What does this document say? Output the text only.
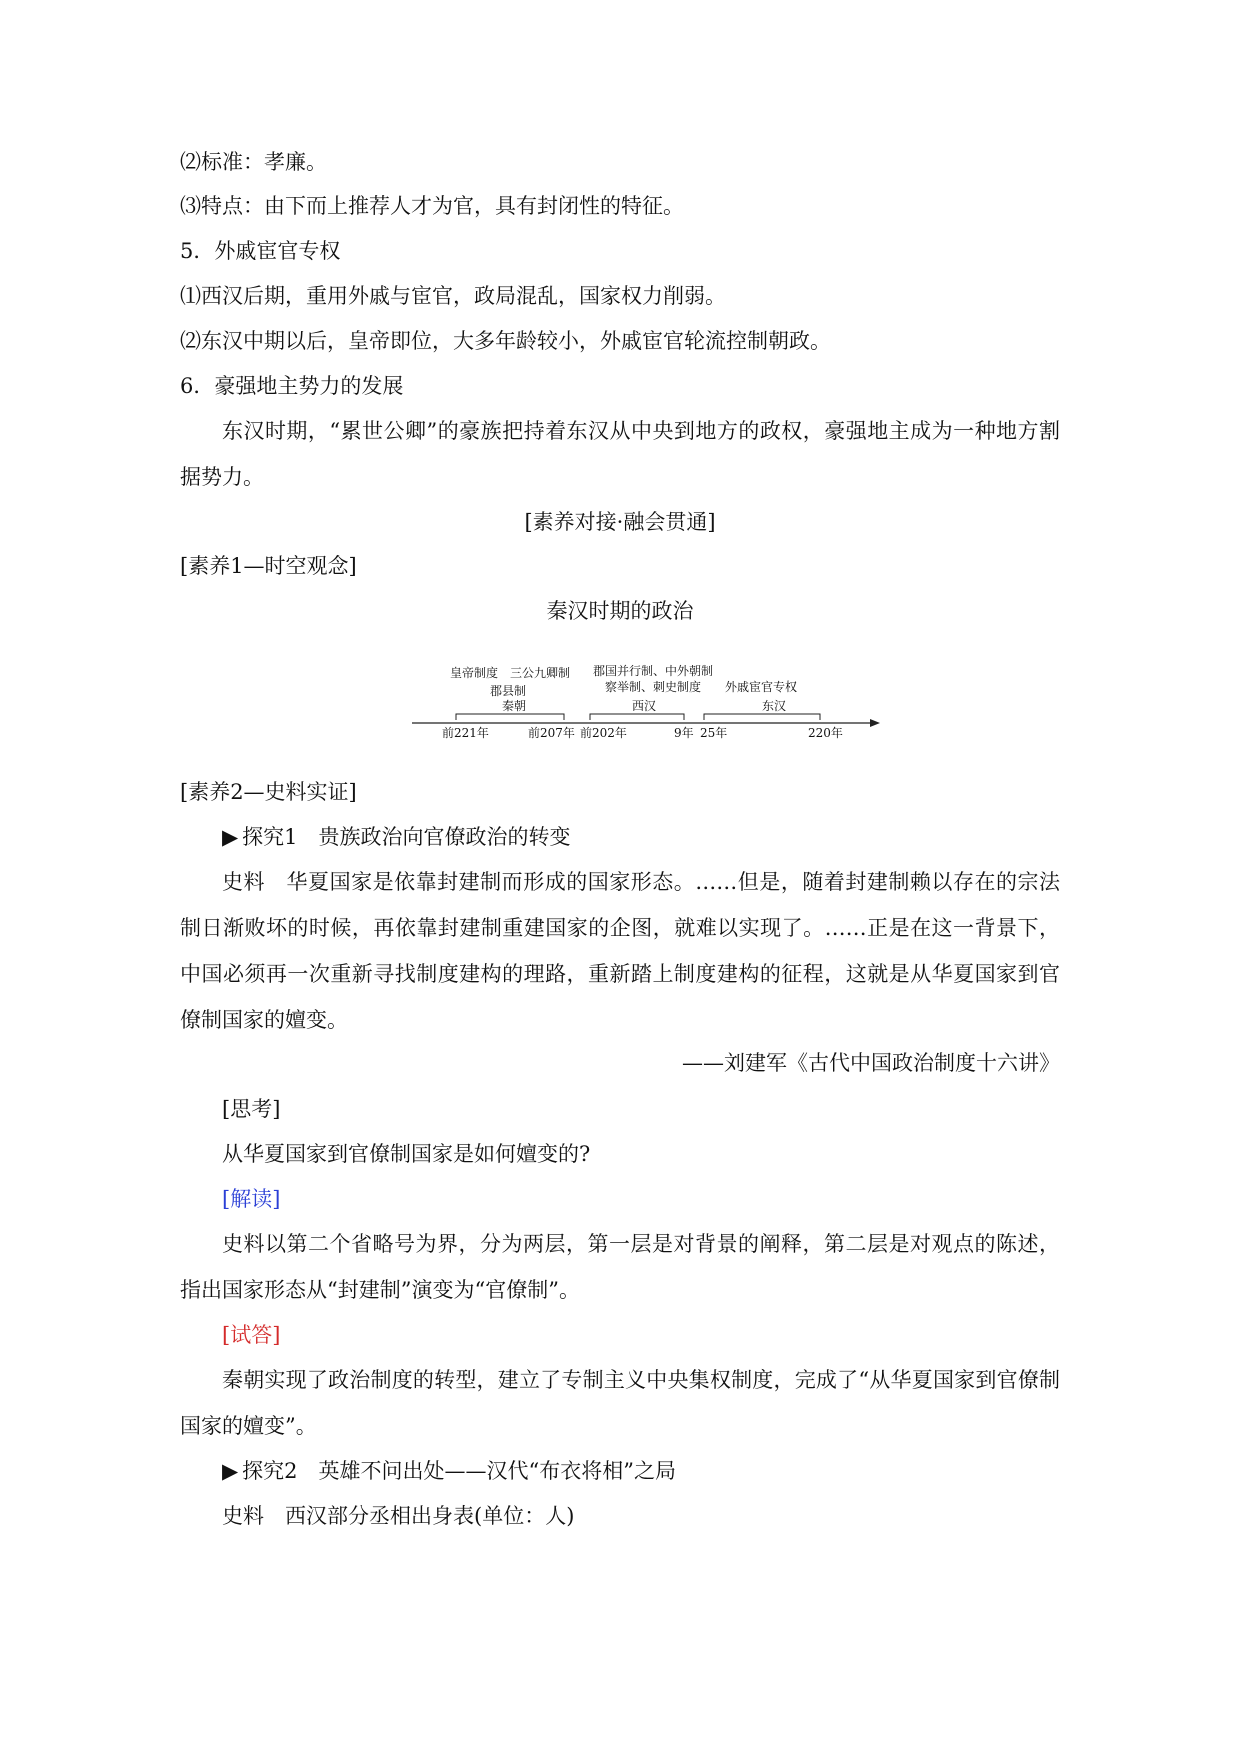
⑵标准：孝廉。

⑶特点：由下而上推荐人才为官，具有封闭性的特征。

5．外戚宦官专权

⑴西汉后期，重用外戚与宦官，政局混乱，国家权力削弱。

⑵东汉中期以后，皇帝即位，大多年龄较小，外戚宦官轮流控制朝政。

6．豪强地主势力的发展

东汉时期，“累世公卿”的豪族把持着东汉从中央到地方的政权，豪强地主成为一种地方割据势力。

[素养对接·融会贯通]

[素养1—时空观念]

秦汉时期的政治

皇帝制度　三公九卿制
郡县制
郡国并行制、中外朝制
察举制、刺史制度 外戚宦官专权
秦朝	西汉	东汉
前221年	前207年 前202年	9年 25年	220年

[素养2—史料实证]

▶ 探究1　贵族政治向官僚政治的转变

史料　华夏国家是依靠封建制而形成的国家形态。……但是，随着封建制赖以存在的宗法制日渐败坏的时候，再依靠封建制重建国家的企图，就难以实现了。……正是在这一背景下，中国必须再一次重新寻找制度建构的理路，重新踏上制度建构的征程，这就是从华夏国家到官僚制国家的嬗变。

——刘建军《古代中国政治制度十六讲》

[思考]

从华夏国家到官僚制国家是如何嬗变的?

[解读]

史料以第二个省略号为界，分为两层，第一层是对背景的阐释，第二层是对观点的陈述，指出国家形态从“封建制”演变为“官僚制”。

[试答]

秦朝实现了政治制度的转型，建立了专制主义中央集权制度，完成了“从华夏国家到官僚制国家的嬗变”。

▶ 探究2　英雄不问出处——汉代“布衣将相”之局

史料　西汉部分丞相出身表(单位：人)
